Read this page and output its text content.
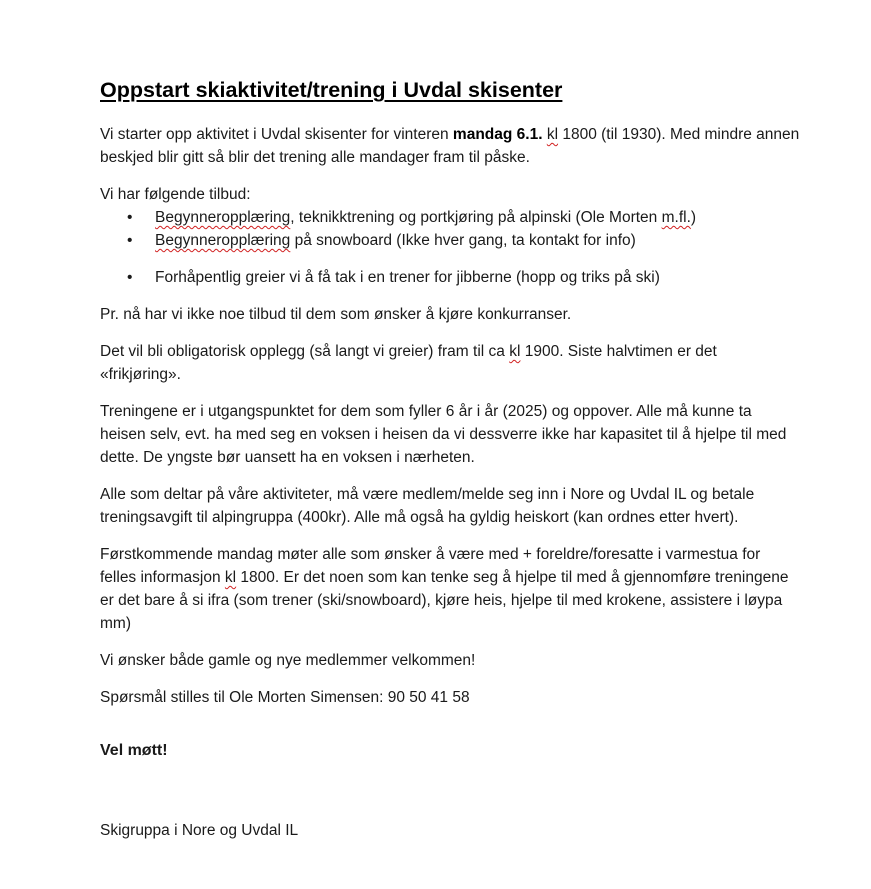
Oppstart skiaktivitet/trening i Uvdal skisenter

Vi starter opp aktivitet i Uvdal skisenter for vinteren mandag 6.1. kl 1800 (til 1930). Med mindre annen beskjed blir gitt så blir det trening alle mandager fram til påske.

Vi har følgende tilbud:

• Begynneropplæring, teknikktrening og portkjøring på alpinski (Ole Morten m.fl.)
• Begynneropplæring på snowboard (Ikke hver gang, ta kontakt for info)
• Forhåpentlig greier vi å få tak i en trener for jibberne (hopp og triks på ski)

Pr. nå har vi ikke noe tilbud til dem som ønsker å kjøre konkurranser.

Det vil bli obligatorisk opplegg (så langt vi greier) fram til ca kl 1900. Siste halvtimen er det «frikjøring».

Treningene er i utgangspunktet for dem som fyller 6 år i år (2025) og oppover. Alle må kunne ta heisen selv, evt. ha med seg en voksen i heisen da vi dessverre ikke har kapasitet til å hjelpe til med dette. De yngste bør uansett ha en voksen i nærheten.

Alle som deltar på våre aktiviteter, må være medlem/melde seg inn i Nore og Uvdal IL og betale treningsavgift til alpingruppa (400kr). Alle må også ha gyldig heiskort (kan ordnes etter hvert).

Førstkommende mandag møter alle som ønsker å være med + foreldre/foresatte i varmestua for felles informasjon kl 1800. Er det noen som kan tenke seg å hjelpe til med å gjennomføre treningene er det bare å si ifra (som trener (ski/snowboard), kjøre heis, hjelpe til med krokene, assistere i løypa mm)

Vi ønsker både gamle og nye medlemmer velkommen!

Spørsmål stilles til Ole Morten Simensen: 90 50 41 58

Vel møtt!

Skigruppa i Nore og Uvdal IL
